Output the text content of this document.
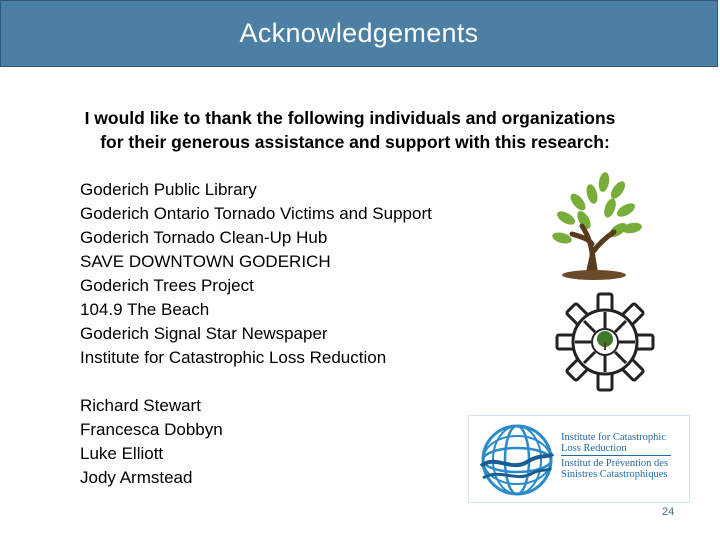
Acknowledgements
I would like to thank the following individuals and organizations
for their generous assistance and support with this research:
Goderich Public Library
Goderich Ontario Tornado Victims and Support
Goderich Tornado Clean-Up Hub
SAVE DOWNTOWN GODERICH
Goderich Trees Project
104.9 The Beach
Goderich Signal Star Newspaper
Institute for Catastrophic Loss Reduction
Richard Stewart
Francesca Dobbyn
Luke Elliott
Jody Armstead
Institute for Catastrophic
Loss Reduction
Institut de Prévention des
Sinistres Catastrophiques
24
